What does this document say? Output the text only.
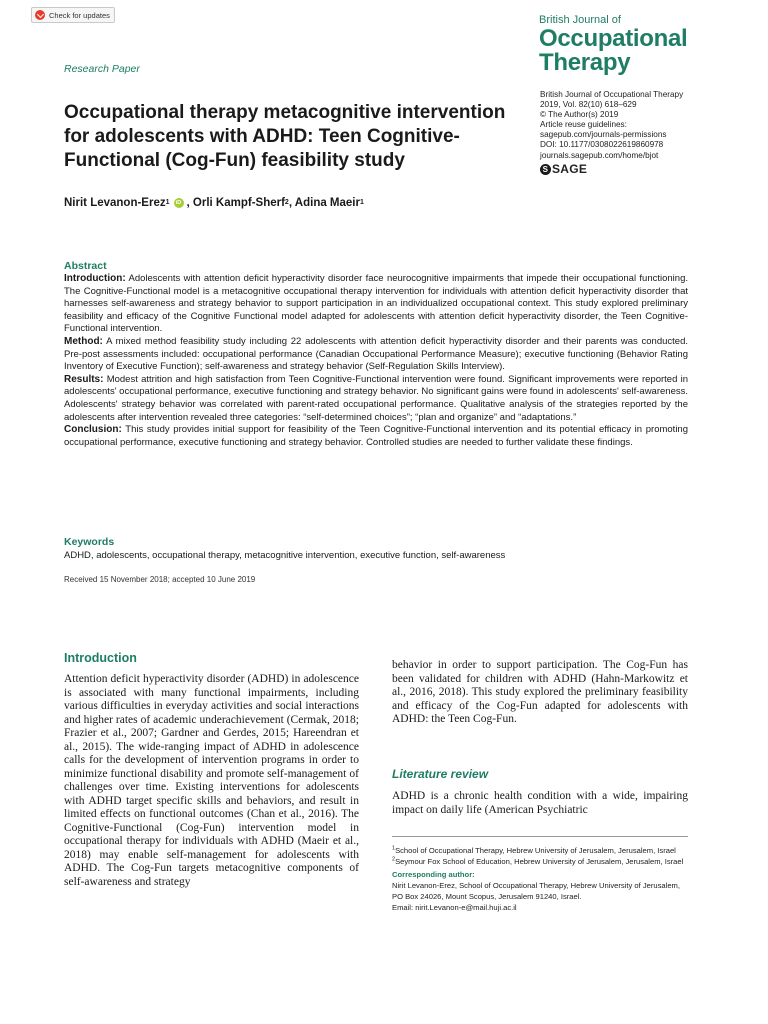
Check for updates	British Journal of
Occupational
Therapy
Research Paper
Occupational therapy metacognitive intervention for adolescents with ADHD: Teen Cognitive-Functional (Cog-Fun) feasibility study
British Journal of Occupational Therapy
2019, Vol. 82(10) 618–629
© The Author(s) 2019
Article reuse guidelines:
sagepub.com/journals-permissions
DOI: 10.1177/0308022619860978
journals.sagepub.com/home/bjot
S SAGE
Nirit Levanon-Erez 1	iD , Orli Kampf-Sherf 2 , Adina Maeir 1
Abstract

Introduction: Adolescents with attention deficit hyperactivity disorder face neurocognitive impairments that impede their occupational functioning. The Cognitive-Functional model is a metacognitive occupational therapy intervention for individuals with attention deficit hyperactivity disorder that harnesses self-awareness and strategy behavior to support participation in an individualized occupational context. This study explored preliminary feasibility and efficacy of the Cognitive Functional model adapted for adolescents with attention deficit hyperactivity disorder, the Teen Cognitive-Functional intervention.

Method: A mixed method feasibility study including 22 adolescents with attention deficit hyperactivity disorder and their parents was conducted. Pre-post assessments included: occupational performance (Canadian Occupational Performance Measure); executive functioning (Behavior Rating Inventory of Executive Function); self-awareness and strategy behavior (Self-Regulation Skills Interview).

Results: Modest attrition and high satisfaction from Teen Cognitive-Functional intervention were found. Significant improvements were reported in adolescents' occupational performance, executive functioning and strategy behavior. No significant gains were found in adolescents' self-awareness. Adolescents' strategy behavior was correlated with parent-rated occupational performance. Qualitative analysis of the strategies reported by the adolescents after intervention revealed three categories: “self-determined choices”; “plan and organize” and “adaptations.”

Conclusion: This study provides initial support for feasibility of the Teen Cognitive-Functional intervention and its potential efficacy in promoting occupational performance, executive functioning and strategy behavior. Controlled studies are needed to further validate these findings.

Keywords
ADHD, adolescents, occupational therapy, metacognitive intervention, executive function, self-awareness
Received 15 November 2018; accepted 10 June 2019
Introduction
Attention deficit hyperactivity disorder (ADHD) in adolescence is associated with many functional impairments, including various difficulties in everyday activities and social interactions and higher rates of academic underachievement (Cermak, 2018; Frazier et al., 2007; Gardner and Gerdes, 2015; Hareendran et al., 2015). The wide-ranging impact of ADHD in adolescence calls for the development of intervention programs in order to minimize functional disability and promote self-management of challenges over time. Existing interventions for adolescents with ADHD target specific skills and behaviors, and result in limited effects on functional outcomes (Chan et al., 2016). The Cognitive-Functional (Cog-Fun) intervention model in occupational therapy for individuals with ADHD (Maeir et al., 2018) may enable self-management for adolescents with ADHD. The Cog-Fun targets metacognitive components of self-awareness and strategy
behavior in order to support participation. The Cog-Fun has been validated for children with ADHD (Hahn-Markowitz et al., 2016, 2018). This study explored the preliminary feasibility and efficacy of the Cog-Fun adapted for adolescents with ADHD: the Teen Cog-Fun.
Literature review
ADHD is a chronic health condition with a wide, impairing impact on daily life (American Psychiatric
$^1$School of Occupational Therapy, Hebrew University of Jerusalem, Jerusalem, Israel
$^2$Seymour Fox School of Education, Hebrew University of Jerusalem, Jerusalem, Israel
Corresponding author:
Nirit Levanon-Erez, School of Occupational Therapy, Hebrew University of Jerusalem, PO Box 24026, Mount Scopus, Jerusalem 91240, Israel.
Email: nirit.Levanon-e@mail.huji.ac.il
